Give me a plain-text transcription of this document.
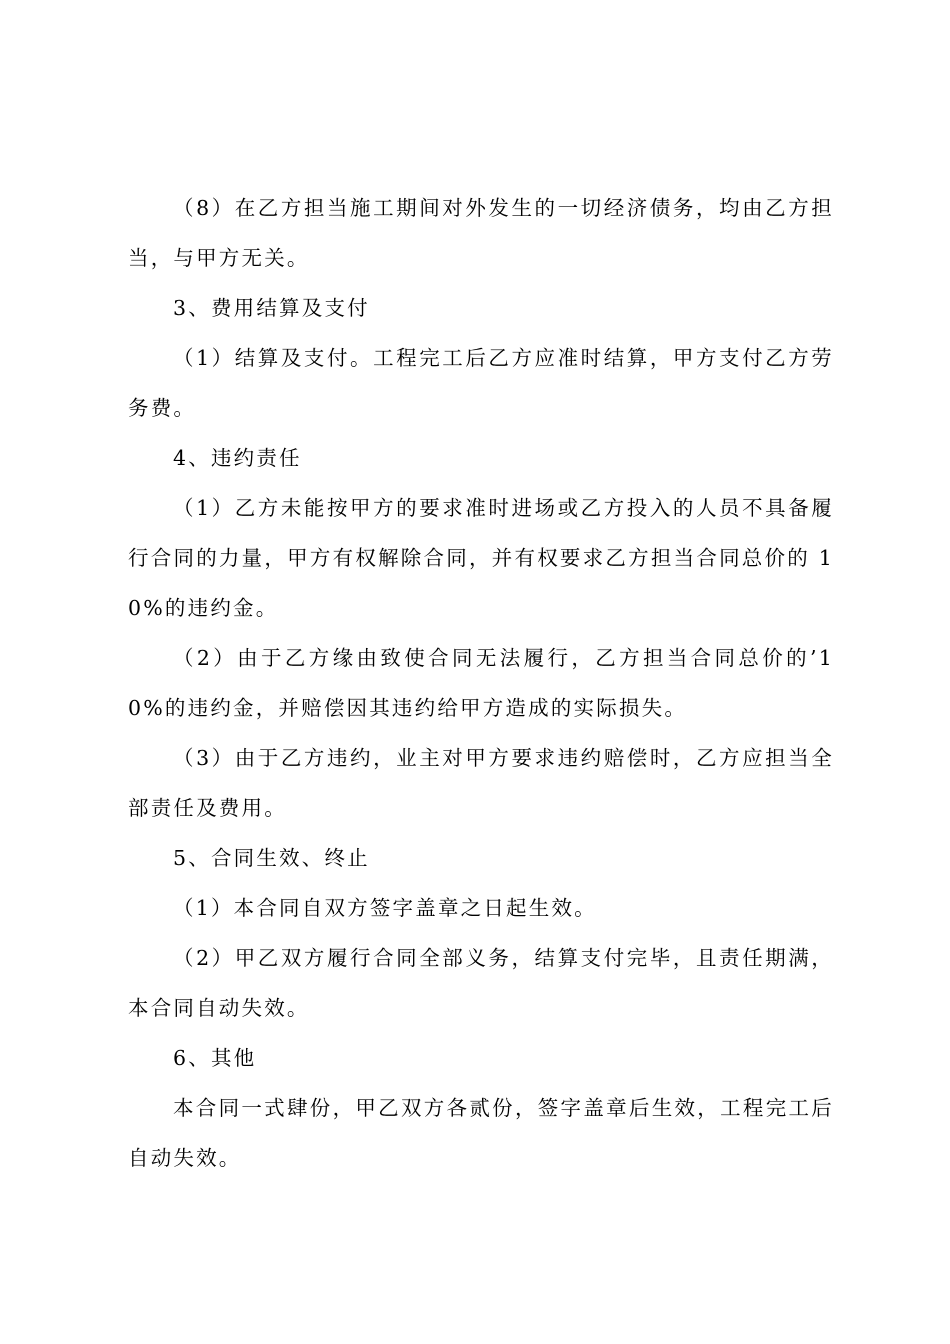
（8）在乙方担当施工期间对外发生的一切经济债务，均由乙方担当，与甲方无关。

3、费用结算及支付

（1）结算及支付。工程完工后乙方应准时结算，甲方支付乙方劳务费。

4、违约责任

（1）乙方未能按甲方的要求准时进场或乙方投入的人员不具备履行合同的力量，甲方有权解除合同，并有权要求乙方担当合同总价的 10%的违约金。

（2）由于乙方缘由致使合同无法履行，乙方担当合同总价的’10%的违约金，并赔偿因其违约给甲方造成的实际损失。

（3）由于乙方违约，业主对甲方要求违约赔偿时，乙方应担当全部责任及费用。

5、合同生效、终止

（1）本合同自双方签字盖章之日起生效。

（2）甲乙双方履行合同全部义务，结算支付完毕，且责任期满，本合同自动失效。

6、其他

本合同一式肆份，甲乙双方各贰份，签字盖章后生效，工程完工后自动失效。
